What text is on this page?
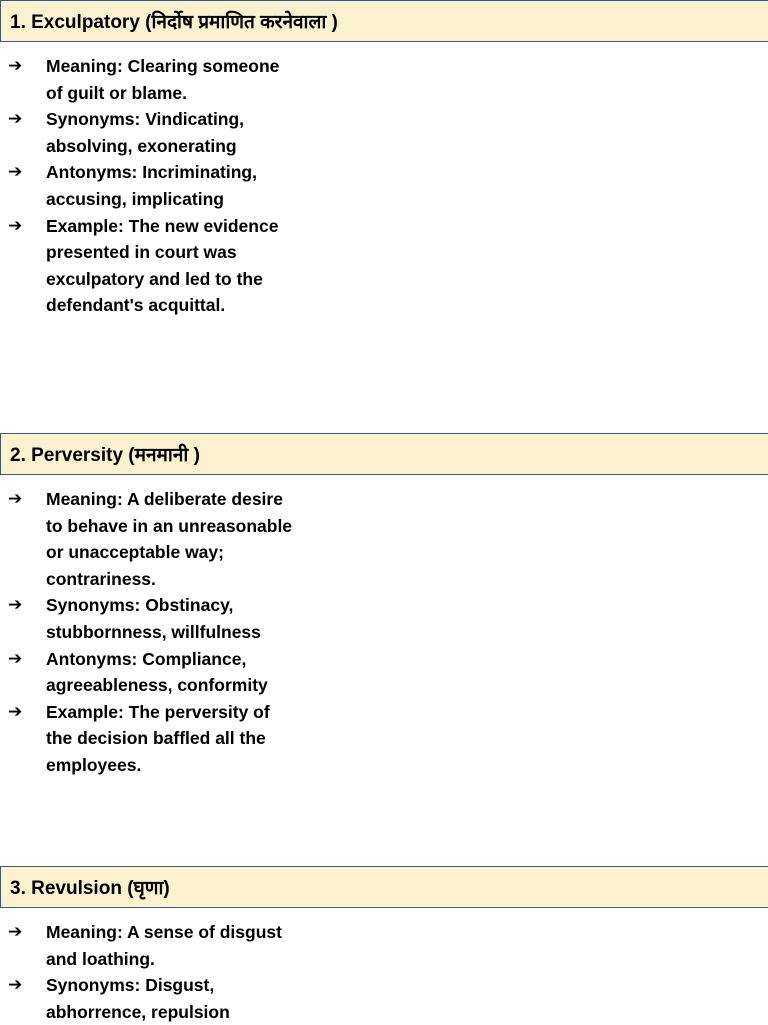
1. Exculpatory (निर्दोष प्रमाणित करनेवाला )
➔ Meaning: Clearing someone of guilt or blame.
➔ Synonyms: Vindicating, absolving, exonerating
➔ Antonyms: Incriminating, accusing, implicating
➔ Example: The new evidence presented in court was exculpatory and led to the defendant's acquittal.
2. Perversity (मनमानी )
➔ Meaning: A deliberate desire to behave in an unreasonable or unacceptable way; contrariness.
➔ Synonyms: Obstinacy, stubbornness, willfulness
➔ Antonyms: Compliance, agreeableness, conformity
➔ Example: The perversity of the decision baffled all the employees.
3. Revulsion (घृणा)
➔ Meaning: A sense of disgust and loathing.
➔ Synonyms: Disgust, abhorrence, repulsion
